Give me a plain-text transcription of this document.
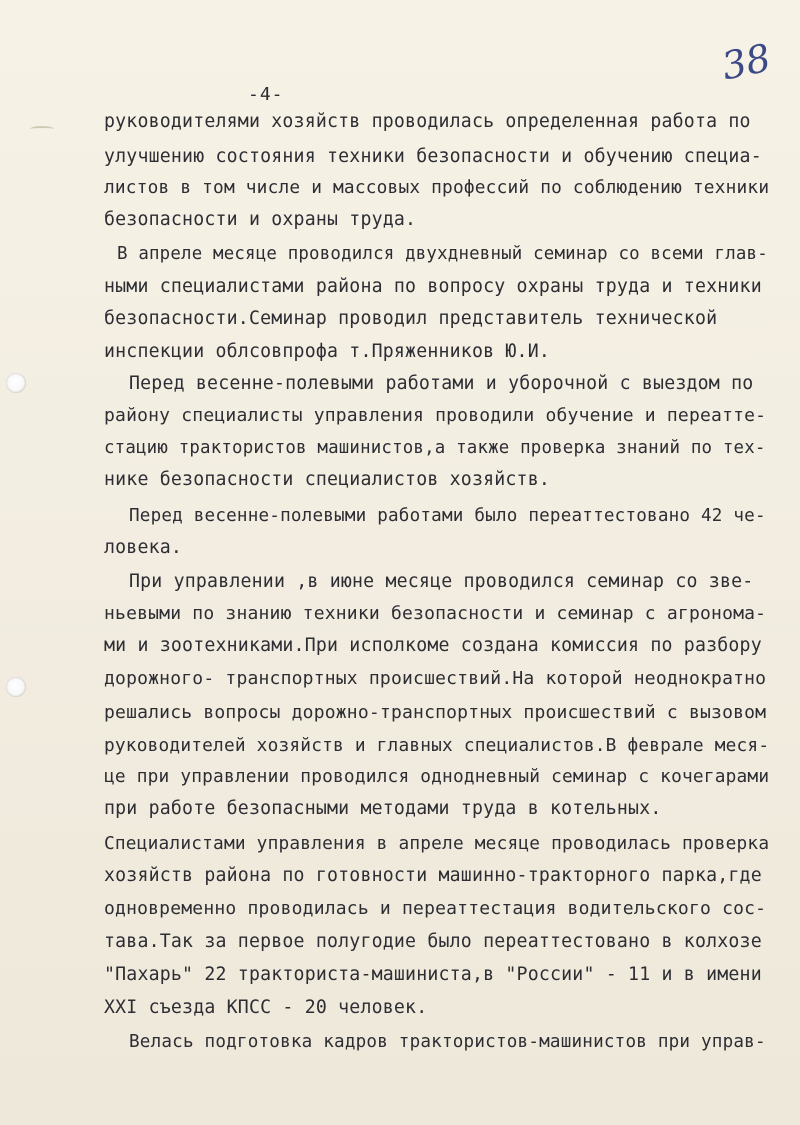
-4-
38
руководителями хозяйств проводилась определенная работа по
улучшению состояния техники безопасности и обучению специа-
листов в том числе и массовых профессий по соблюдению техники
безопасности и охраны труда.
В апреле месяце проводился двухдневный семинар со всеми глав-
ными специалистами района по вопросу охраны труда и техники
безопасности.Семинар проводил представитель технической
инспекции облсовпрофа т.Пряженников Ю.И.
Перед весенне-полевыми работами и уборочной с выездом по
району специалисты управления проводили обучение и переатте-
стацию трактористов машинистов,а также проверка знаний по тех-
нике безопасности специалистов хозяйств.
Перед весенне-полевыми работами было переаттестовано 42 че-
ловека.
При управлении ,в июне месяце проводился семинар со зве-
ньевыми по знанию техники безопасности и семинар с агронома-
ми и зоотехниками.При исполкоме создана комиссия по разбору
дорожного- транспортных происшествий.На которой неоднократно
решались вопросы дорожно-транспортных происшествий с вызовом
руководителей хозяйств и главных специалистов.В феврале меся-
це при управлении проводился однодневный семинар с кочегарами
при работе безопасными методами труда в котельных.
Специалистами управления в апреле месяце проводилась проверка
хозяйств района по готовности машинно-тракторного парка,где
одновременно проводилась и переаттестация водительского сос-
тава.Так за первое полугодие было переаттестовано в колхозе
"Пахарь" 22 тракториста-машиниста,в "России" - 11 и в имени
XXI съезда КПСС - 20 человек.
Велась подготовка кадров трактористов-машинистов при управ-
